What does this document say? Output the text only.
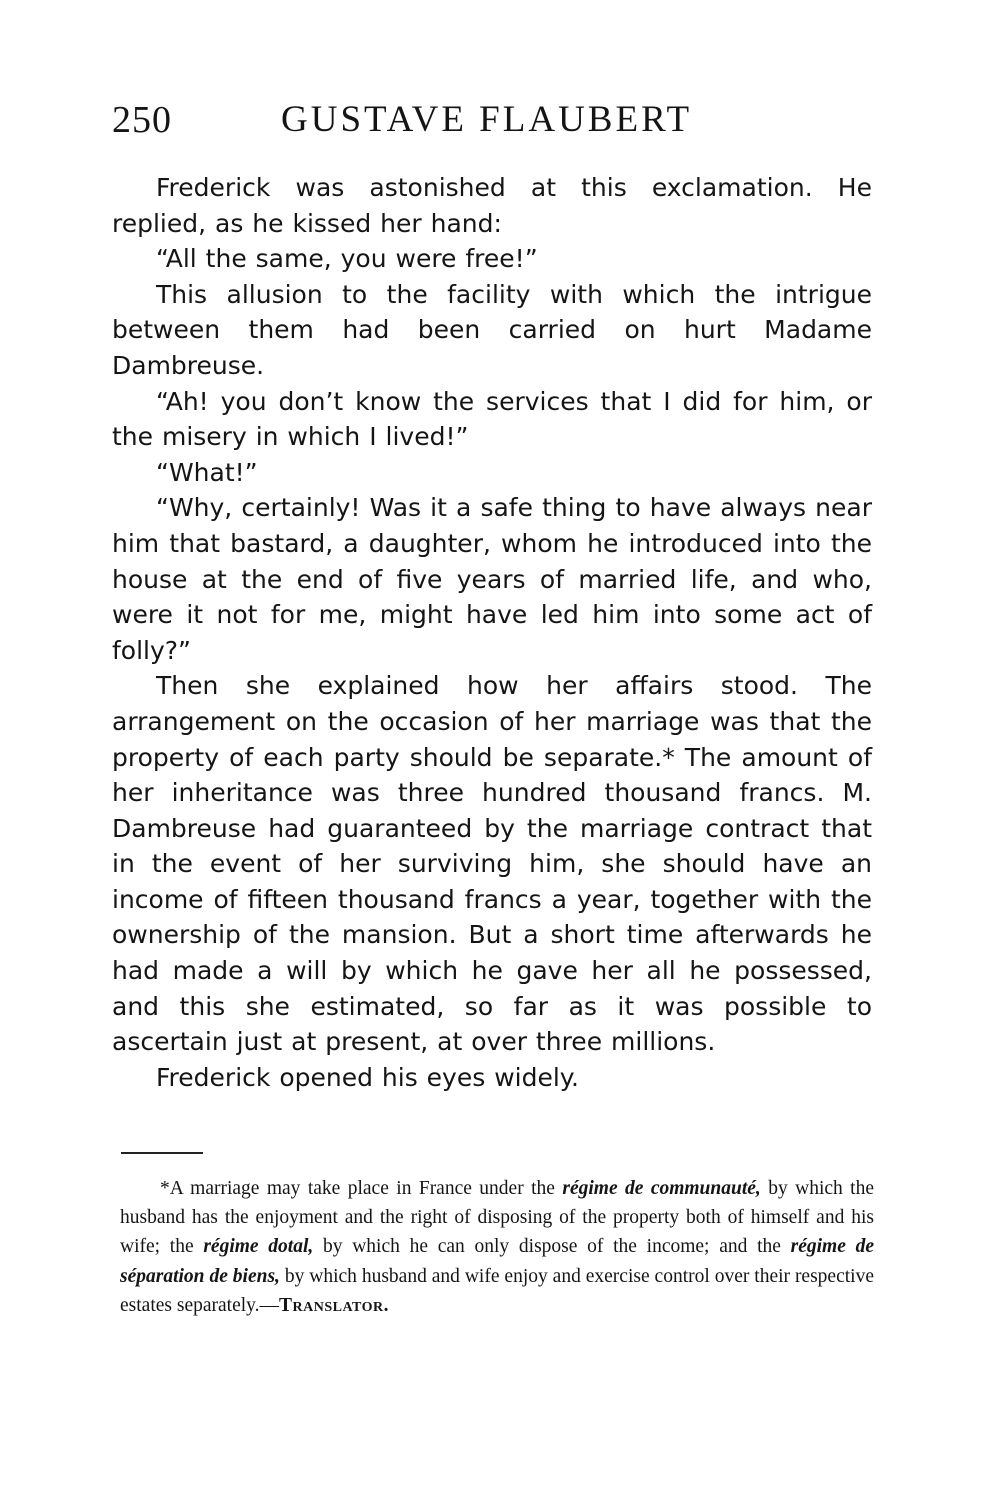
250	GUSTAVE FLAUBERT

Frederick was astonished at this exclamation. He replied, as he kissed her hand:

“All the same, you were free!”

This allusion to the facility with which the intrigue between them had been carried on hurt Madame Dambreuse.

“Ah! you don’t know the services that I did for him, or the misery in which I lived!”

“What!”

“Why, certainly! Was it a safe thing to have always near him that bastard, a daughter, whom he introduced into the house at the end of five years of married life, and who, were it not for me, might have led him into some act of folly?”

Then she explained how her affairs stood. The arrangement on the occasion of her marriage was that the property of each party should be separate.* The amount of her inheritance was three hundred thousand francs. M. Dambreuse had guaranteed by the marriage contract that in the event of her surviving him, she should have an income of fifteen thousand francs a year, together with the ownership of the mansion. But a short time afterwards he had made a will by which he gave her all he possessed, and this she estimated, so far as it was possible to ascertain just at present, at over three millions.

Frederick opened his eyes widely.

*A marriage may take place in France under the régime de communauté, by which the husband has the enjoyment and the right of disposing of the property both of himself and his wife; the régime dotal, by which he can only dispose of the income; and the régime de séparation de biens, by which husband and wife enjoy and exercise control over their respective estates separately.—Translator.
